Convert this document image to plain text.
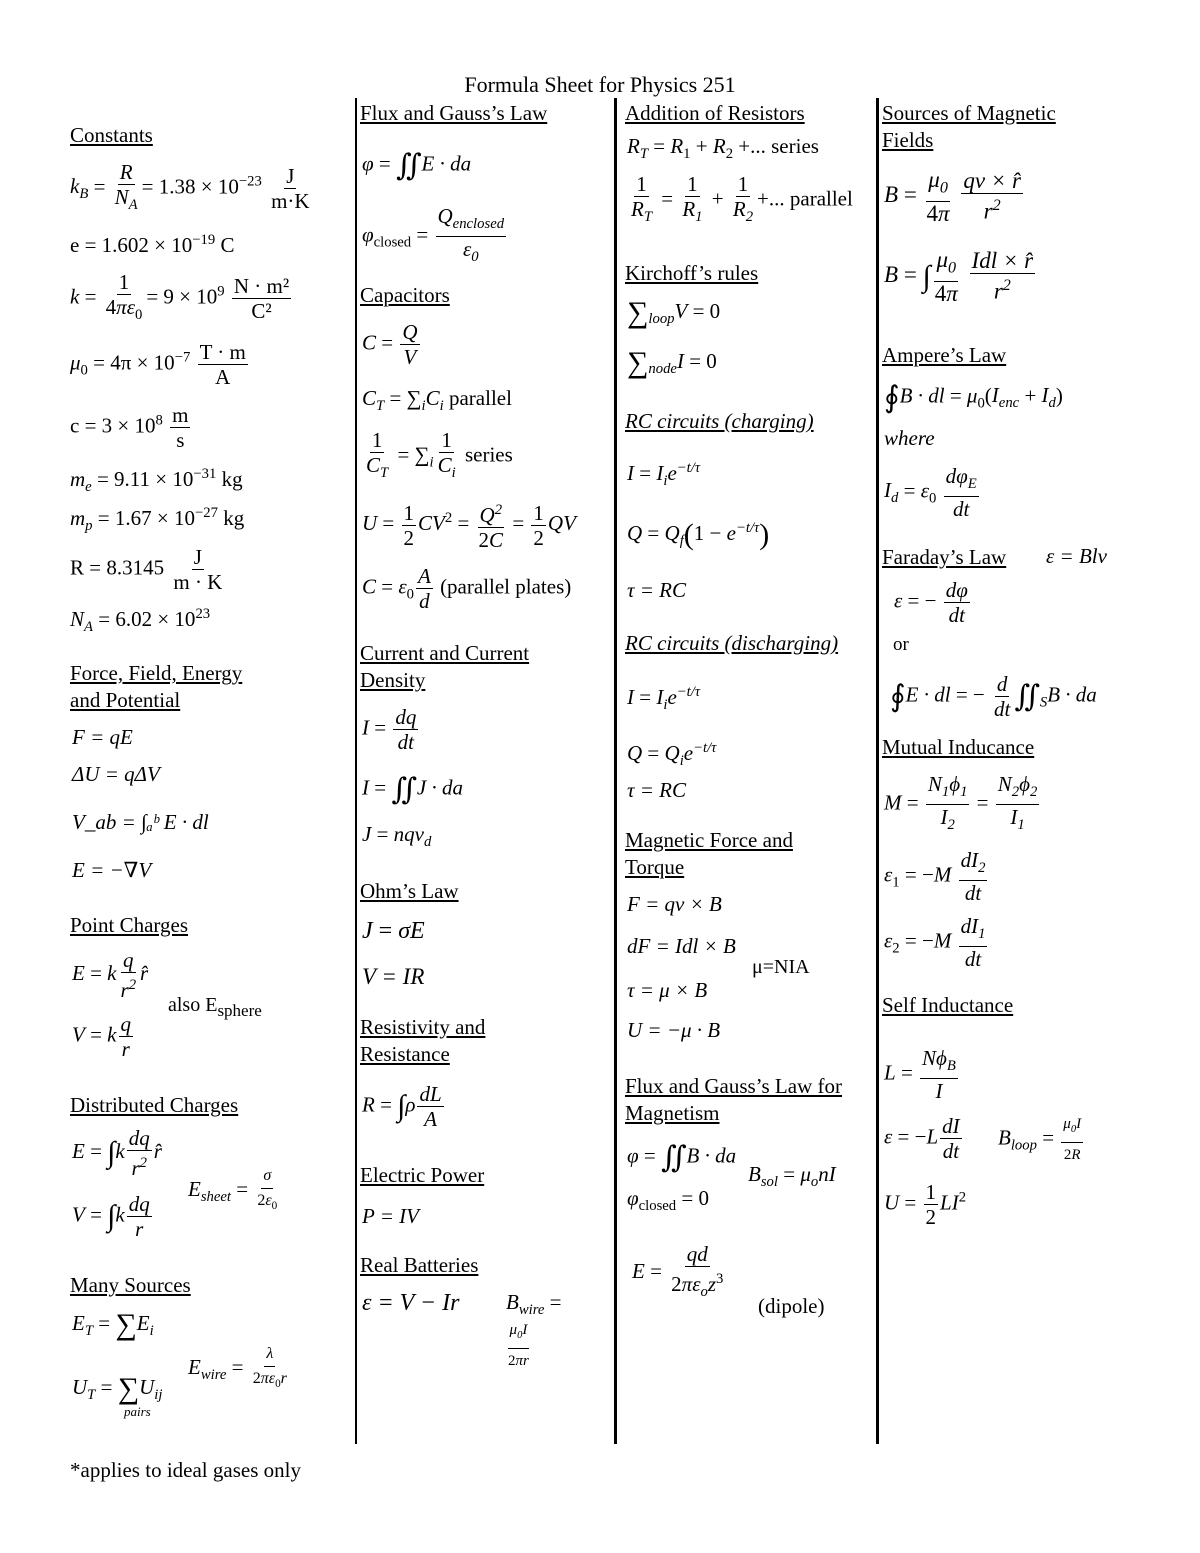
Formula Sheet for Physics 251
Constants
$k_B = \frac{R}{N_A} = 1.38 \times 10^{-23} \frac{J}{m\cdot K}$
$e = 1.602 \times 10^{-19}$ C
$k = \frac{1}{4\pi\varepsilon_0} = 9 \times 10^9 \frac{\text{N · m²}}{\text{C²}}$
$\mu_0 = 4\pi \times 10^{-7} \frac{T \cdot m}{A}$
$c = 3 \times 10^8 \frac{m}{s}$
$m_e = 9.11 \times 10^{-31}$ kg
$m_p = 1.67 \times 10^{-27}$ kg
$R = 8.3145 \frac{J}{m \cdot K}$
$N_A = 6.02 \times 10^{23}$
Force, Field, Energy
and Potential
F = qE
ΔU = qΔV
V_ab = ∫ₐᵇ E · dl
E = −∇V
Point Charges
E = k $\frac{q}{r^2}$ r̂
also $E_{sphere}$
V = k $\frac{q}{r}$
Distributed Charges
$E = \int k \frac{dq}{r^2}$ r̂
$E_{sheet} = \frac{\sigma}{2\varepsilon_0}$
$V = \int k \frac{dq}{r}$
Many Sources
$E_T = \sum E_i$
$E_{wire} = \frac{\lambda}{2\pi\varepsilon_0r}$
$U_T = \sum U_{ij}$
pairs
Flux and Gauss’s Law
φ = ∬E · da
$\varphi_{closed} = \frac{Q_{enclosed}}{\varepsilon_0}$
Capacitors
$C = \frac{Q}{V}$
$C_T = \sum_iC_i$ parallel
$\frac{1}{C_T} = \sum_i \frac{1}{C_i}$ series
$U = \frac{1}{2} CV^2 = \frac{Q^2}{2C} = \frac{1}{2}$ QV
$C = \varepsilon_0 \frac{A}{d}$ (parallel plates)
Current and Current
Density
$I = \frac{dq}{dt}$
I = ∬J · da
J = nqv$_d$
Ohm’s Law
J = σE
V = IR
Resistivity and
Resistance
$R = \int\rho \frac{dL}{A}$
Electric Power
P = IV
Real Batteries
ε = V − Ir $B_{wire}$ =
$\frac{\mu_0I}{2\pi r}$
Addition of Resistors
$R_T = R_1 + R_2$ +... series
$\frac{1}{R_T} = \frac{1}{R_1} + \frac{1}{R_2}$ +... parallel
Kirchoff’s rules
$\sum_{loop}V = 0$
$\sum_{node}I = 0$
RC circuits (charging)
$I = I_ie^{-t/\tau}$
$Q = Q_f(1 - e^{-t/\tau})$
τ = RC
RC circuits (discharging)
$I = I_ie^{-t/\tau}$
$Q = Q_ie^{-t/\tau}$
τ = RC
Magnetic Force and
Torque
F = qv × B
dF = Idl × B
μ=NIA
τ = μ × B
U = −μ · B
Flux and Gauss’s Law for
Magnetism
φ = ∬B · da
$B_{sol} = \mu_onI$
$\varphi_{closed} = 0$
$E = \frac{qd}{2\pi\varepsilon_oz^3}$
(dipole)
Sources of Magnetic
Fields
$B = \frac{\mu_0}{4\pi}$
$\frac{qv \times r̂}{r^2}$
B = ∫ $\frac{\mu_0}{4\pi}$
$\frac{\text{Idl × r̂}}{r^2}$
Ampere’s Law
∮B · dl = $\mu_0(I_{enc} + I_d)$
where
$I_d = \varepsilon_0 \frac{d\varphi_E}{dt}$
Faraday’s Law ε = Blv
ε = − $\frac{d\varphi}{dt}$
or
∮E · dl = − $\frac{d}{dt}$ $∬_SB$ · da
Mutual Inducance
$M = \frac{N_1\phi_1}{I_2} = \frac{N_2\phi_2}{I_1}$
$\varepsilon_1 = -M \frac{dI_2}{dt}$
$\varepsilon_2 = -M \frac{dI_1}{dt}$
Self Inductance
$L = \frac{N\phi_B}{I}$
$\varepsilon = -L \frac{dI}{dt} B_{loop} = \frac{\mu_0I}{2R}$
$U = \frac{1}{2} LI^2$
*applies to ideal gases only
